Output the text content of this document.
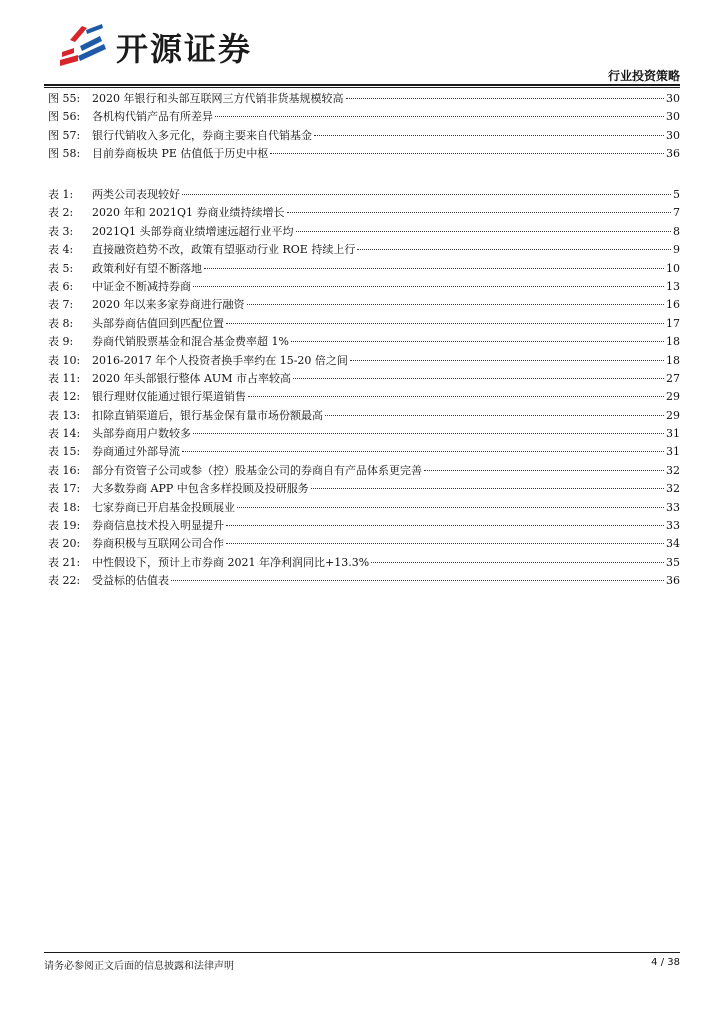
开源证券
行业投资策略
图 55:	2020 年银行和头部互联网三方代销非货基规模较高	30
图 56:	各机构代销产品有所差异	30
图 57:	银行代销收入多元化，券商主要来自代销基金	30
图 58:	目前券商板块 PE 估值低于历史中枢	36
表 1:	两类公司表现较好	5
表 2:	2020 年和 2021Q1 券商业绩持续增长	7
表 3:	2021Q1 头部券商业绩增速远超行业平均	8
表 4:	直接融资趋势不改，政策有望驱动行业 ROE 持续上行	9
表 5:	政策利好有望不断落地	10
表 6:	中证金不断减持券商	13
表 7:	2020 年以来多家券商进行融资	16
表 8:	头部券商估值回到匹配位置	17
表 9:	券商代销股票基金和混合基金费率超 1%	18
表 10:	2016-2017 年个人投资者换手率约在 15-20 倍之间	18
表 11:	2020 年头部银行整体 AUM 市占率较高	27
表 12:	银行理财仅能通过银行渠道销售	29
表 13:	扣除直销渠道后，银行基金保有量市场份额最高	29
表 14:	头部券商用户数较多	31
表 15:	券商通过外部导流	31
表 16:	部分有资管子公司或参（控）股基金公司的券商自有产品体系更完善	32
表 17:	大多数券商 APP 中包含多样投顾及投研服务	32
表 18:	七家券商已开启基金投顾展业	33
表 19:	券商信息技术投入明显提升	33
表 20:	券商积极与互联网公司合作	34
表 21:	中性假设下，预计上市券商 2021 年净利润同比+13.3%	35
表 22:	受益标的估值表	36
请务必参阅正文后面的信息披露和法律声明	4 / 38
